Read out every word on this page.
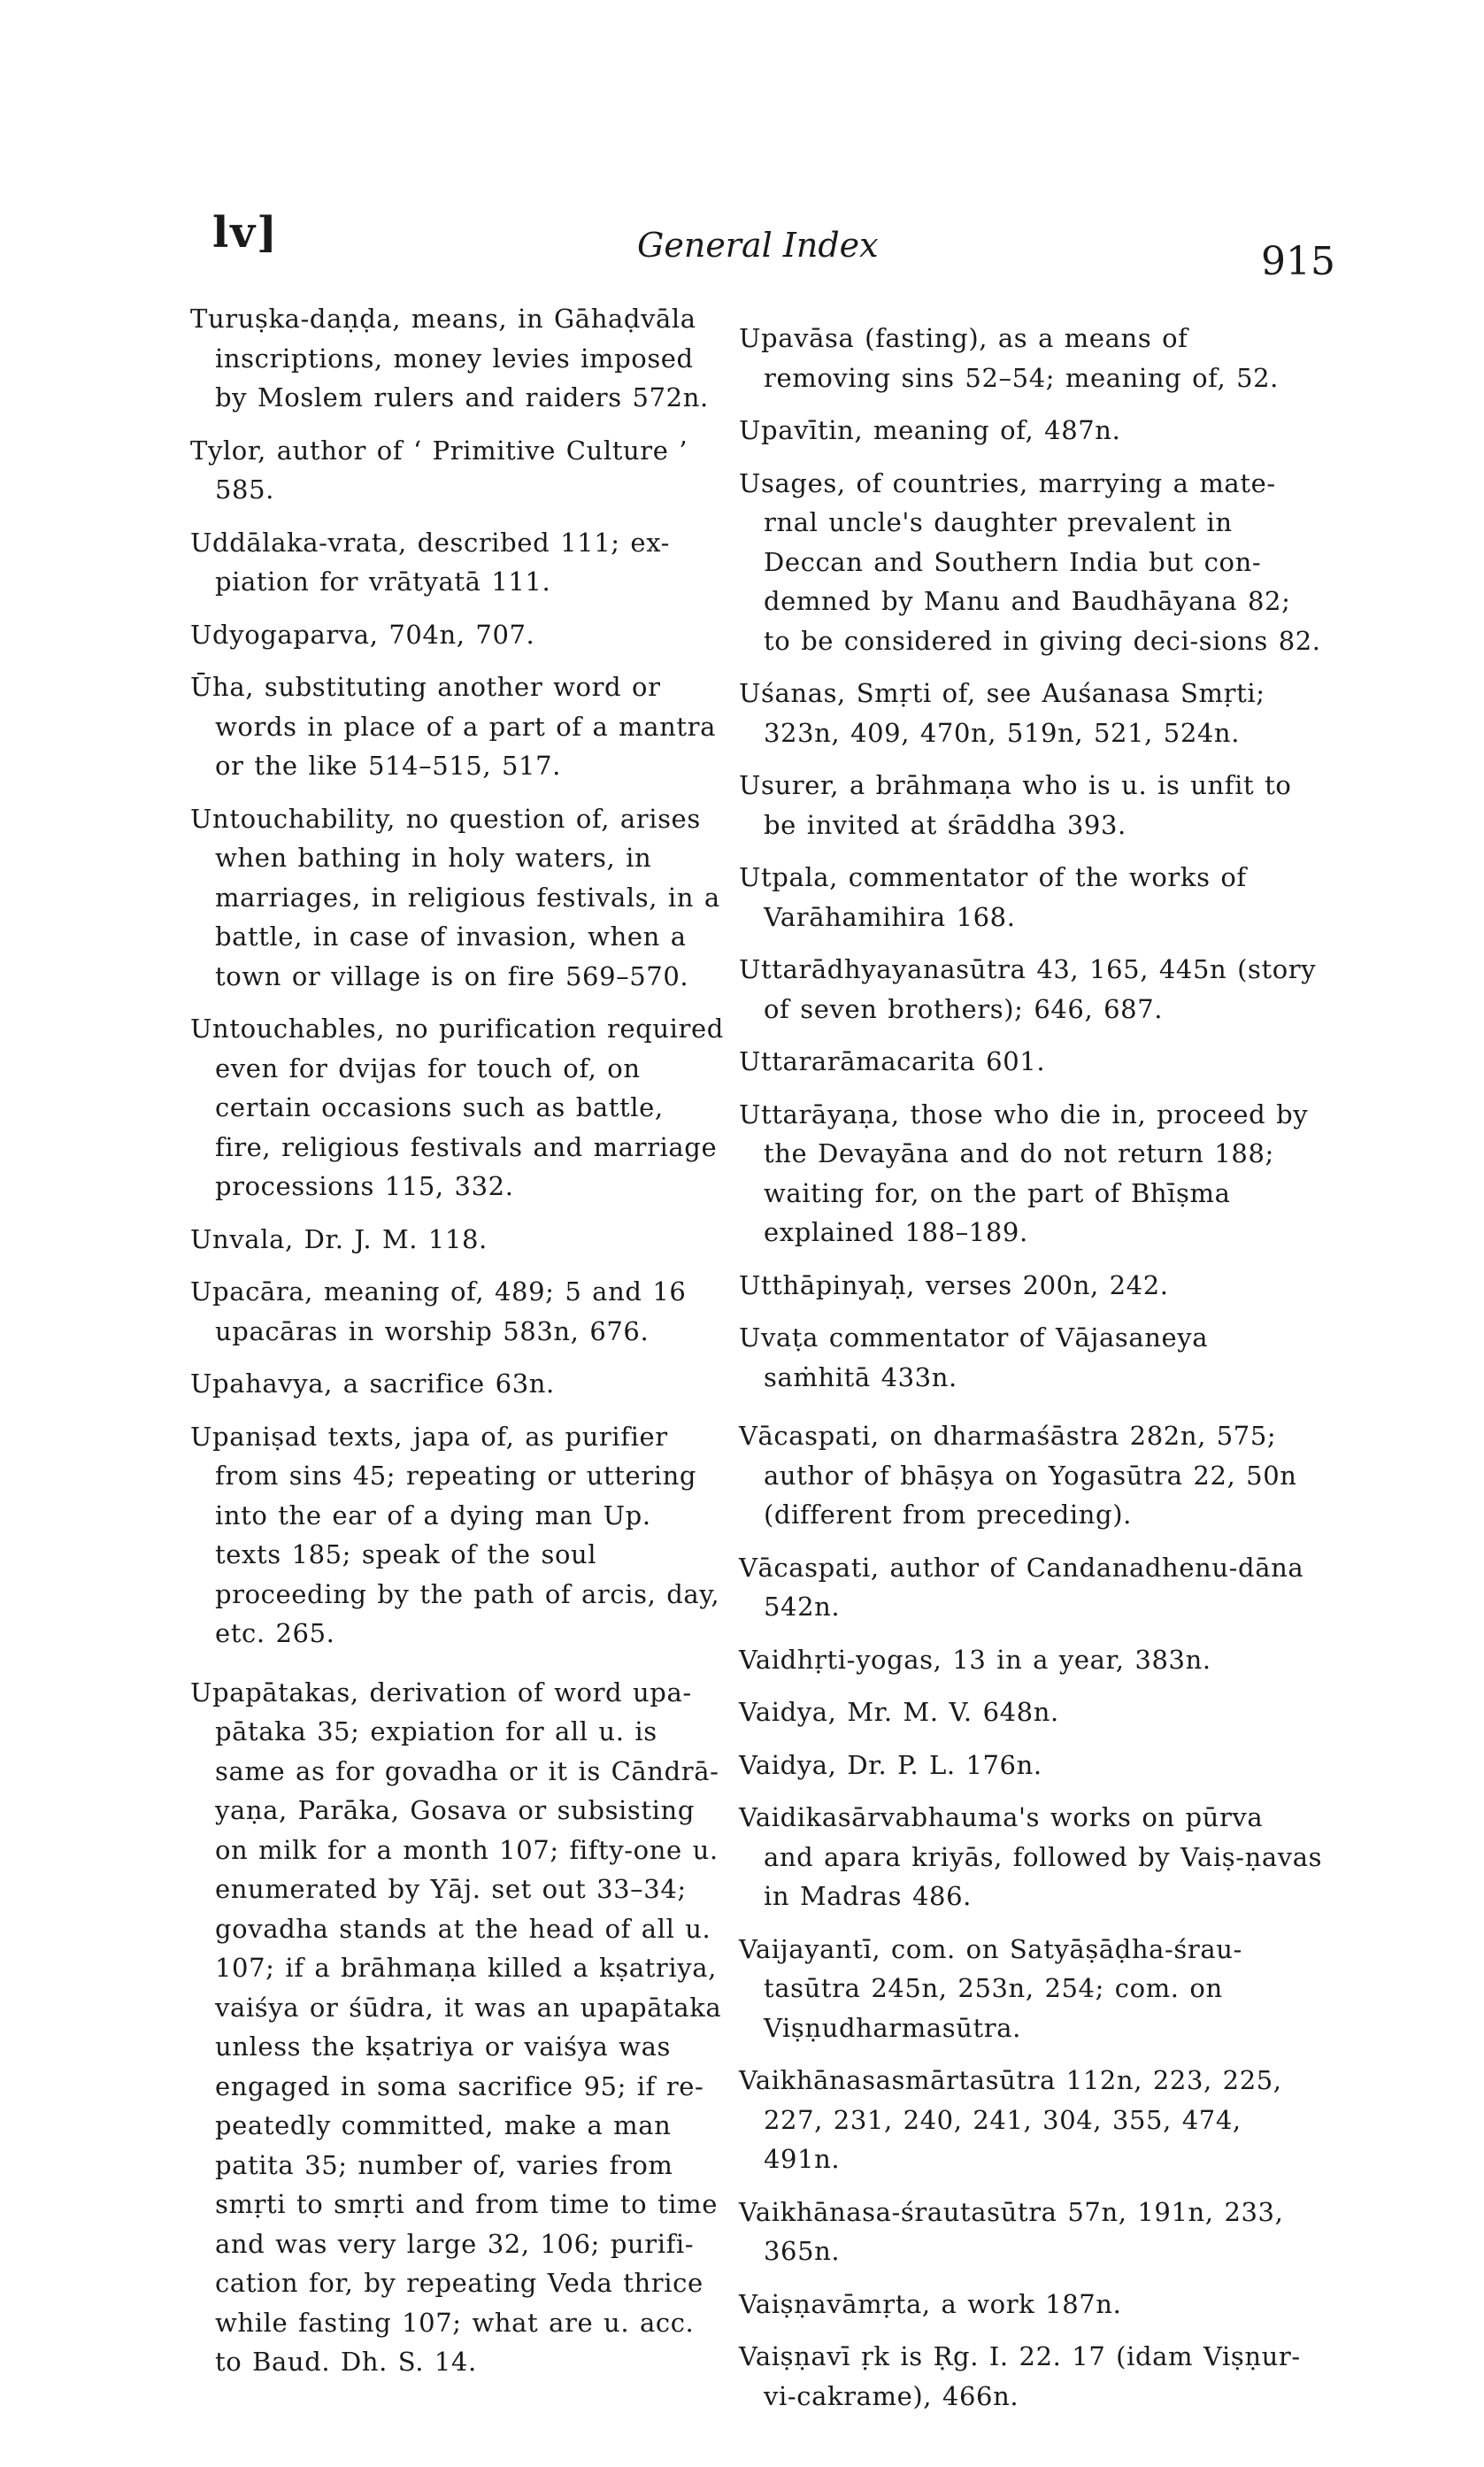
lv]	General Index	915

Turuṣka-daṇḍa, means, in Gāhaḍvāla inscriptions, money levies imposed by Moslem rulers and raiders 572n.

Tylor, author of ‘ Primitive Culture ’ 585.

Uddālaka-vrata, described 111; ex-piation for vrātyatā 111.

Udyogaparva, 704n, 707.

Ūha, substituting another word or words in place of a part of a mantra or the like 514–515, 517.

Untouchability, no question of, arises when bathing in holy waters, in marriages, in religious festivals, in a battle, in case of invasion, when a town or village is on fire 569–570.

Untouchables, no purification required even for dvijas for touch of, on certain occasions such as battle, fire, religious festivals and marriage processions 115, 332.

Unvala, Dr. J. M. 118.

Upacāra, meaning of, 489; 5 and 16 upacāras in worship 583n, 676.

Upahavya, a sacrifice 63n.

Upaniṣad texts, japa of, as purifier from sins 45; repeating or uttering into the ear of a dying man Up. texts 185; speak of the soul proceeding by the path of arcis, day, etc. 265.

Upapātakas, derivation of word upa-pātaka 35; expiation for all u. is same as for govadha or it is Cāndrā-yaṇa, Parāka, Gosava or subsisting on milk for a month 107; fifty-one u. enumerated by Yāj. set out 33–34; govadha stands at the head of all u. 107; if a brāhmaṇa killed a kṣatriya, vaiśya or śūdra, it was an upapātaka unless the kṣatriya or vaiśya was engaged in soma sacrifice 95; if re-peatedly committed, make a man patita 35; number of, varies from smṛti to smṛti and from time to time and was very large 32, 106; purifi-cation for, by repeating Veda thrice while fasting 107; what are u. acc. to Baud. Dh. S. 14.

Upavāsa (fasting), as a means of removing sins 52–54; meaning of, 52.

Upavītin, meaning of, 487n.

Usages, of countries, marrying a mate-rnal uncle's daughter prevalent in Deccan and Southern India but con-demned by Manu and Baudhāyana 82; to be considered in giving deci-sions 82.

Uśanas, Smṛti of, see Auśanasa Smṛti; 323n, 409, 470n, 519n, 521, 524n.

Usurer, a brāhmaṇa who is u. is unfit to be invited at śrāddha 393.

Utpala, commentator of the works of Varāhamihira 168.

Uttarādhyayanasūtra 43, 165, 445n (story of seven brothers); 646, 687.

Uttararāmacarita 601.

Uttarāyaṇa, those who die in, proceed by the Devayāna and do not return 188; waiting for, on the part of Bhīṣma explained 188–189.

Utthāpinyaḥ, verses 200n, 242.

Uvaṭa commentator of Vājasaneya saṁhitā 433n.

Vācaspati, on dharmaśāstra 282n, 575; author of bhāṣya on Yogasūtra 22, 50n (different from preceding).

Vācaspati, author of Candanadhenu-dāna 542n.

Vaidhṛti-yogas, 13 in a year, 383n.

Vaidya, Mr. M. V. 648n.

Vaidya, Dr. P. L. 176n.

Vaidikasārvabhauma's works on pūrva and apara kriyās, followed by Vaiṣ-ṇavas in Madras 486.

Vaijayantī, com. on Satyāṣāḍha-śrau-tasūtra 245n, 253n, 254; com. on Viṣṇudharmasūtra.

Vaikhānasasmārtasūtra 112n, 223, 225, 227, 231, 240, 241, 304, 355, 474, 491n.

Vaikhānasa-śrautasūtra 57n, 191n, 233, 365n.

Vaiṣṇavāmṛta, a work 187n.

Vaiṣṇavī ṛk is Ṛg. I. 22. 17 (idam Viṣṇur-vi-cakrame), 466n.
